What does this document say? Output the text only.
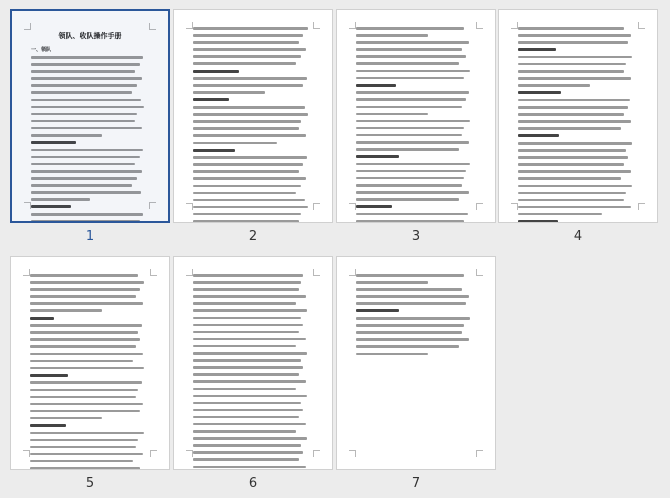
领队、收队操作手册
一、领队
1	2	3	4
5	6	7
